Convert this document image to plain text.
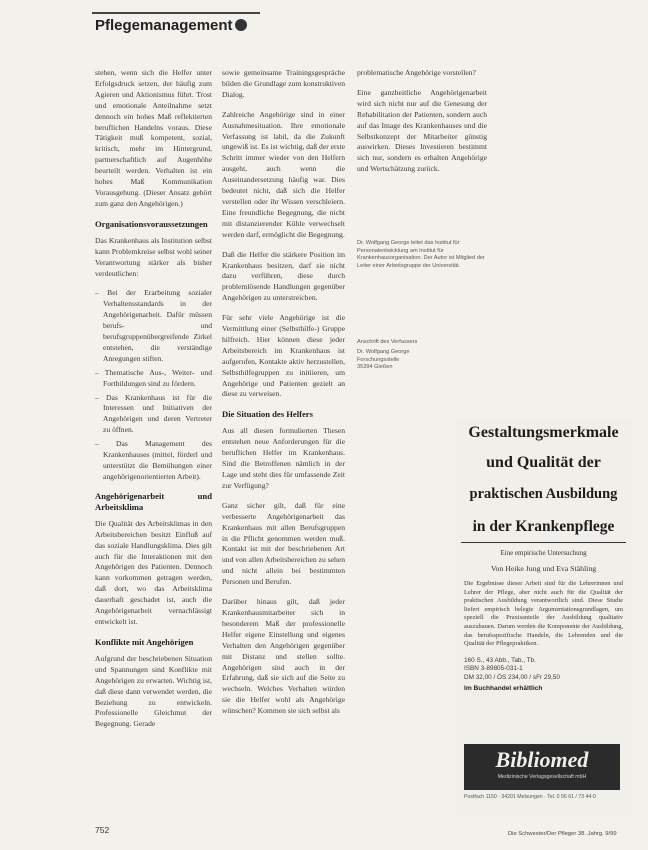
Pflegemanagement

stehen, wenn sich die Helfer unter Erfolgsdruck setzen, der häufig zum Agieren und Aktionismus führt. Trost und emotionale Anteilnahme setzt dennoch ein hohes Maß reflektierten beruflichen Handelns voraus. Diese Tätigkeit muß kompetent, sozial, kritisch, mehr im Hintergrund, partnerschaftlich auf Augenhöhe beurteilt werden. Verhalten ist ein hohes Maß Kommunikation Vorausgehung. (Dieser Ansatz gehört zum ganz den Angehörigen.)

Organisationsvoraussetzungen

Das Krankenhaus als Institution selbst kann Problemkreise selbst wohl seiner Verantwortung stärker als bisher verdeutlichen:

– Bei der Erarbeitung sozialer Verhaltensstandards in der Angehörigenarbeit. Dafür müssen berufs- und berufsgruppenübergreifende Zirkel entstehen, die verständige Anregungen stiften.
– Thematische Aus-, Weiter- und Fortbildungen sind zu fördern.
– Das Krankenhaus ist für die Interessen und Initiativen der Angehörigen und deren Vertreter zu öffnen.
– Das Management des Krankenhauses (mittel, förderl und unterstützt die Bemühungen einer angehörigenorientierten Arbeit).
Angehörigenarbeit und Arbeitsklima

Die Qualität des Arbeitsklimas in den Arbeitsbereichen besitzt Einfluß auf das soziale Handlungsklima. Dies gilt auch für die Interaktionen mit den Angehörigen des Patienten. Dennoch kann vorkommen getragen werden, daß dort, wo das Arbeitsklima dauerhaft geschadet ist, auch die Angehörigenarbeit vernachlässigt entwickelt ist.

Konflikte mit Angehörigen

Aufgrund der beschriebenen Situation und Spannungen sind Konflikte mit Angehörigen zu erwarten. Wichtig ist, daß diese dann verwendet werden, die Beziehung zu entwickeln. Professionelle Gleichmut der Begegnung. Gerade

sowie gemeinsame Trainingsgespräche bilden die Grundlage zum konstruktiven Dialog.

Zahlreiche Angehörige sind in einer Ausnahmesituation. Ihre emotionale Verfassung ist labil, da die Zukunft ungewiß ist. Es ist wichtig, daß der erste Schritt immer wieder von den Helfern ausgeht, auch wenn die Auseinandersetzung häufig war. Dies bedeutet nicht, daß sich die Helfer verstellen oder ihr Wissen verschleiern. Eine freundliche Begegnung, die nicht mit distanzierender Kühle verwechselt werden darf, ermöglicht die Begegnung.

Daß die Helfer die stärkere Position im Krankenhaus besitzen, darf sie nicht dazu verführen, diese durch problemlösende Handlungen gegenüber Angehörigen zu unterstreichen.

Für sehr viele Angehörige ist die Vermittlung einer (Selbsthilfe-) Gruppe hilfreich. Hier können diese jeder Arbeitsbereich im Krankenhaus ist aufgerufen, Kontakte aktiv herzustellen, Selbsthilfegruppen zu initiieren, um Angehörige und Patienten gezielt an diese zu verweisen.

Die Situation des Helfers

Aus all diesen formulierten Thesen entstehen neue Anforderungen für die beruflichen Helfer im Krankenhaus. Sind die Betroffenen nämlich in der Lage und steht dies für umfassende Zeit zur Verfügung?

Ganz sicher gilt, daß für eine verbesserte Angehörigenarbeit das Krankenhaus mit allen Berufsgruppen in die Pflicht genommen werden muß. Kontakt ist mit der beschriebenen Art und von allen Arbeitsbereichen zu sehen und nicht allein bei bestimmten Personen und Berufen.

Darüber hinaus gilt, daß jeder Krankenhausmitarbeiter sich in besonderem Maß der professionelle Helfer eigene Einstellung und eigenes Verhalten den Angehörigen gegenüber mit Distanz und stellen sollte. Angehörigen sind auch in der Erfahrung, daß sie sich auf die Seite zu wechseln. Welches Verhalten würden sie die Helfer wohl als Angehörige wünschen? Kommen sie sich selbst als

problematische Angehörige vorstellen?

Eine ganzheitliche Angehörigenarbeit wird sich nicht nur auf die Genesung der Rehabilitation der Patienten, sondern auch auf das Image des Krankenhauses und die Selbstkonzept der Mitarbeiter günstig auswirken. Dieses Investieren bestimmt sich nur, sondern es erhalten Angehörige und Wertschätzung zurück.

Dr. Wolfgang George leitet das Institut für Personalentwicklung am Institut für Krankenhausorganisation. Der Autor ist Mitglied der Leiter einer Arbeitsgruppe der Universität.
Anschrift des Verfassers
Dr. Wolfgang George
Forschungsstelle
35394 Gießen
Gestaltungsmerkmale
und Qualität der
praktischen Ausbildung
in der Krankenpflege
Eine empirische Untersuchung
Von Heike Jung und Eva Stähling
Die Ergebnisse dieser Arbeit sind für die Lehrerinnen und Lehrer der Pflege, aber nicht auch für die Qualität der praktischen Ausbildung verantwortlich sind. Diese Studie liefert empirisch belegte Argumentationsgrundlagen, um speziell die Praxisanteile der Ausbildung qualitativ auszubauen. Darum werden die Komponente der Ausbildung, das berufsspezifische Handeln, die Lehrenden und die Qualität der Pflegepraktiken.
160 S., 43 Abb., Tab., Tb.
ISBN 3-89805-031-1
DM 32,00 / ÖS 234,00 / sFr 29,50
Im Buchhandel erhältlich
Bibliomed
Medizinische Verlagsgesellschaft mbH
Postfach 1150 · 34201 Melsungen · Tel. 0 56 61 / 73 44-0
752	Die Schwester/Der Pfleger 38. Jahrg. 9/99
